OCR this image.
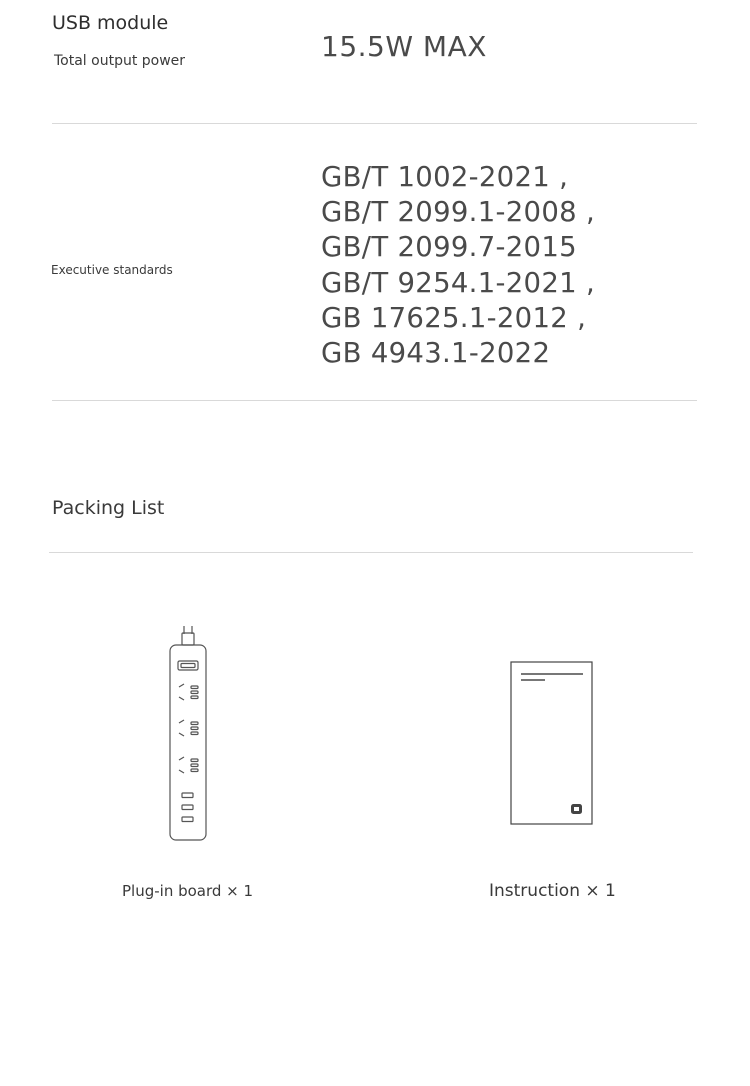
USB module
Total output power	15.5W MAX
Executive standards
GB/T 1002-2021 ,
GB/T 2099.1-2008 ,
GB/T 2099.7-2015
GB/T 9254.1-2021 ,
GB 17625.1-2012 ,
GB 4943.1-2022
Packing List
Plug-in board × 1	Instruction × 1
